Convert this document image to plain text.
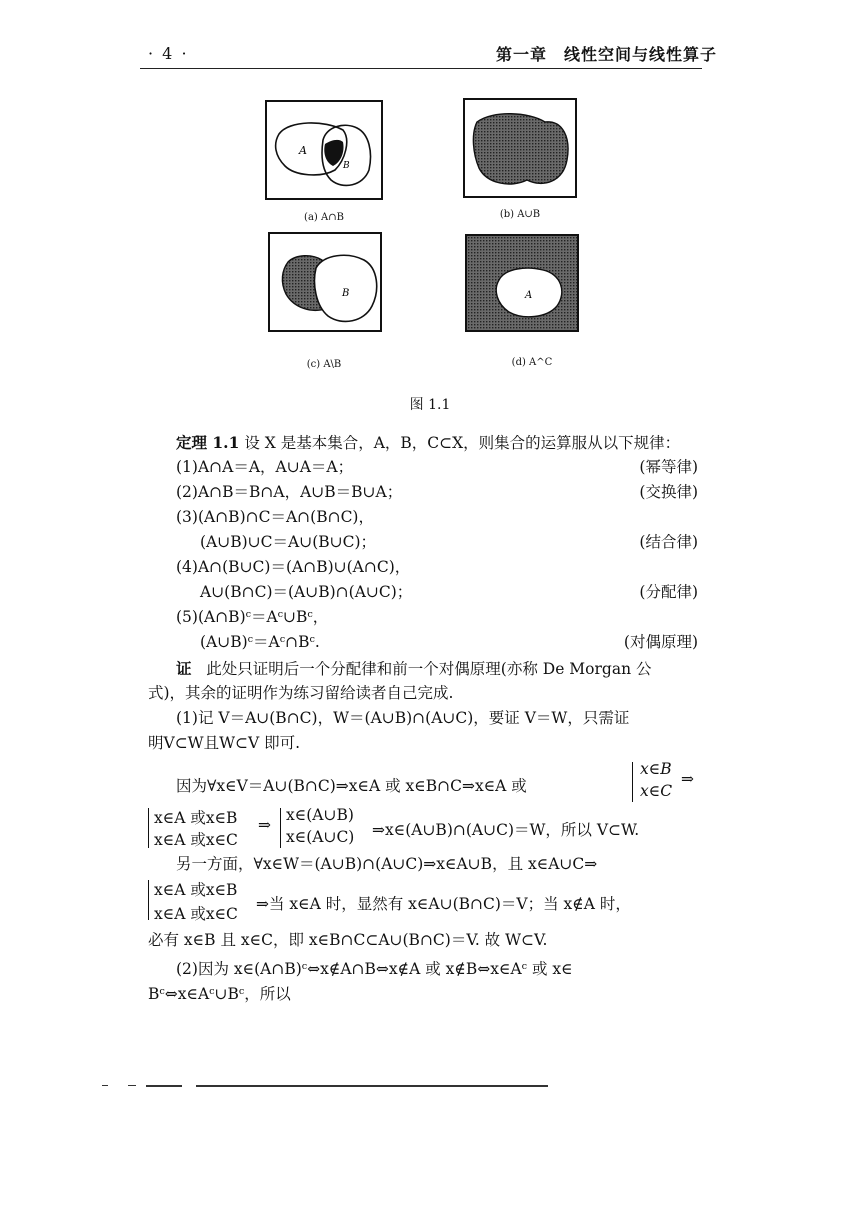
· 4 ·	第一章　线性空间与线性算子
A
B
(a) A∩B	(b) A∪B
B
(c) A\B
A
(d) A^C
图 1.1
定理 1.1 设 X 是基本集合，A，B，C⊂X，则集合的运算服从以下规律：
(1)A∩A＝A，A∪A＝A；	(幂等律)
(2)A∩B＝B∩A，A∪B＝B∪A；	(交换律)
(3)(A∩B)∩C＝A∩(B∩C)，
(A∪B)∪C＝A∪(B∪C)；	(结合律)
(4)A∩(B∪C)＝(A∩B)∪(A∩C)，
A∪(B∩C)＝(A∪B)∩(A∪C)；	(分配律)
(5)(A∩B)ᶜ＝Aᶜ∪Bᶜ，
(A∪B)ᶜ＝Aᶜ∩Bᶜ.	(对偶原理)
证 此处只证明后一个分配律和前一个对偶原理(亦称 De Morgan 公
式)，其余的证明作为练习留给读者自己完成.
(1)记 V＝A∪(B∩C)，W＝(A∪B)∩(A∪C)，要证 V＝W，只需证
明V⊂W且W⊂V 即可.
因为∀x∈V＝A∪(B∩C)⇒x∈A 或 x∈B∩C⇒x∈A 或
x∈B
x∈C
⇒
x∈A 或x∈B
x∈A 或x∈C
⇒
x∈(A∪B)
x∈(A∪C) ⇒x∈(A∪B)∩(A∪C)＝W，所以 V⊂W.
另一方面，∀x∈W＝(A∪B)∩(A∪C)⇒x∈A∪B，且 x∈A∪C⇒
x∈A 或x∈B
x∈A 或x∈C
⇒当 x∈A 时，显然有 x∈A∪(B∩C)＝V；当 x∉A 时，
必有 x∈B 且 x∈C，即 x∈B∩C⊂A∪(B∩C)＝V. 故 W⊂V.
(2)因为 x∈(A∩B)ᶜ⇔x∉A∩B⇔x∉A 或 x∉B⇔x∈Aᶜ 或 x∈
Bᶜ⇔x∈Aᶜ∪Bᶜ，所以
